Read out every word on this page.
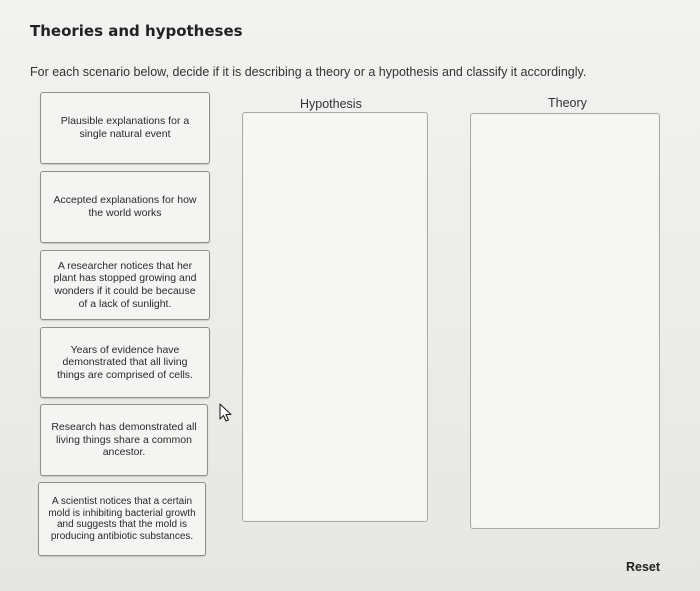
Theories and hypotheses
For each scenario below, decide if it is describing a theory or a hypothesis and classify it accordingly.
Plausible explanations for a single natural event
Accepted explanations for how the world works
A researcher notices that her plant has stopped growing and wonders if it could be because of a lack of sunlight.
Years of evidence have demonstrated that all living things are comprised of cells.
Research has demonstrated all living things share a common ancestor.
A scientist notices that a certain mold is inhibiting bacterial growth and suggests that the mold is producing antibiotic substances.
Hypothesis	Theory
Reset
